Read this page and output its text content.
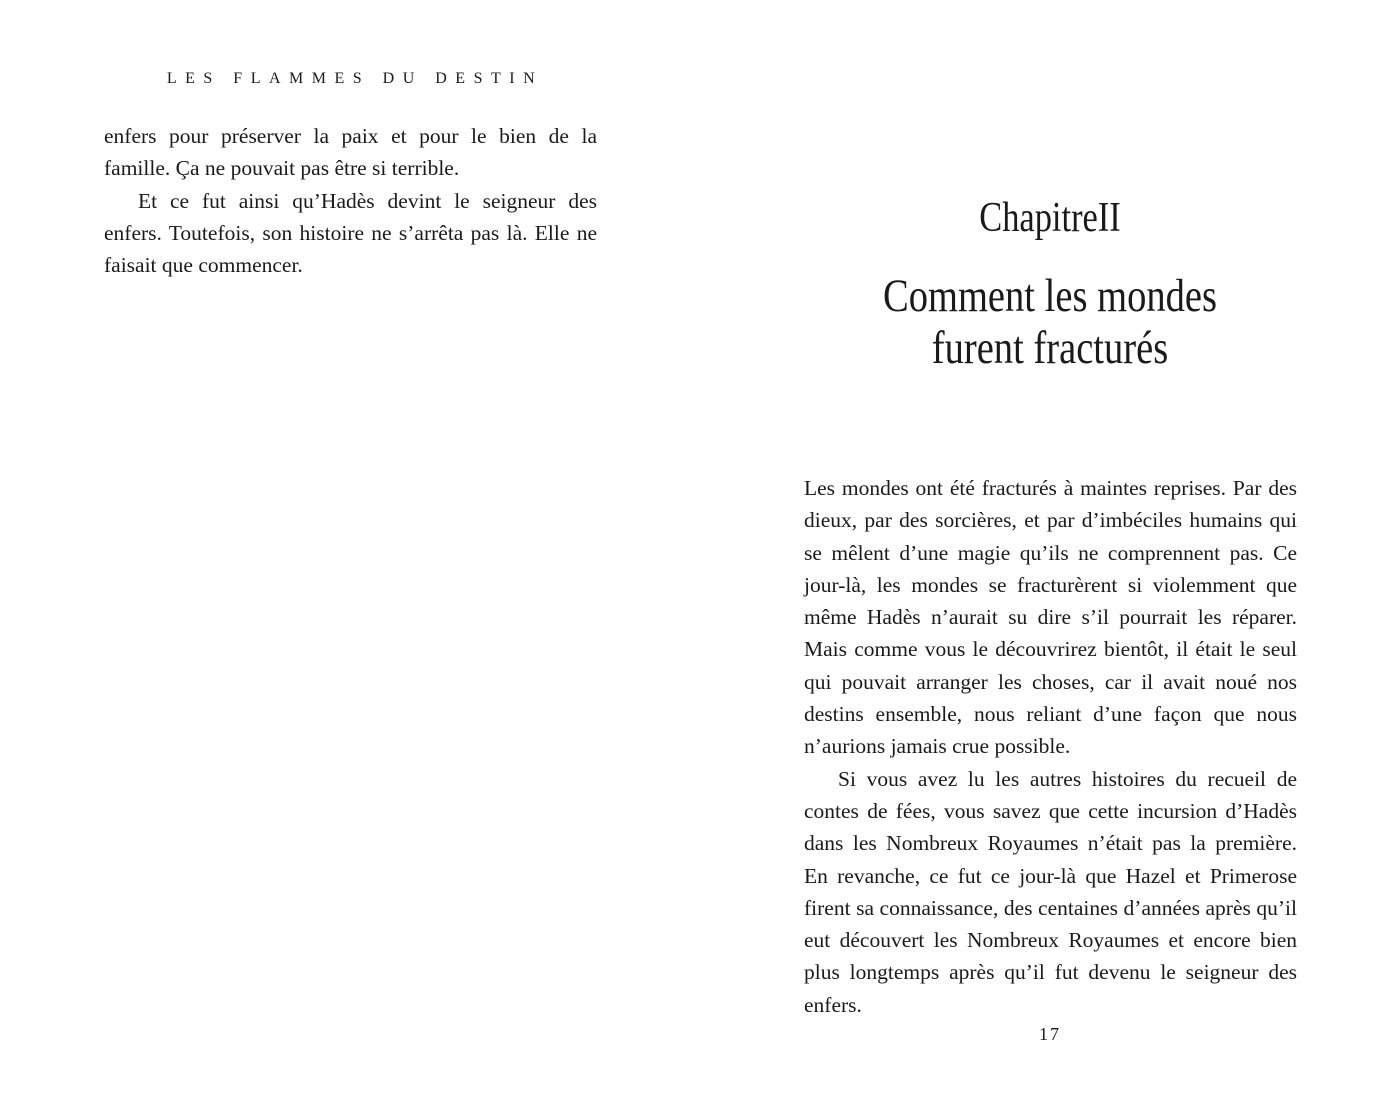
LES FLAMMES DU DESTIN

enfers pour préserver la paix et pour le bien de la famille. Ça ne pouvait pas être si terrible.

Et ce fut ainsi qu’Hadès devint le seigneur des enfers. Toutefois, son histoire ne s’arrêta pas là. Elle ne faisait que commencer.

ChapitreII
Comment les mondes
furent fracturés

Les mondes ont été fracturés à maintes reprises. Par des dieux, par des sorcières, et par d’imbéciles humains qui se mêlent d’une magie qu’ils ne comprennent pas. Ce jour-là, les mondes se fracturèrent si violemment que même Hadès n’aurait su dire s’il pourrait les réparer. Mais comme vous le découvrirez bientôt, il était le seul qui pouvait arranger les choses, car il avait noué nos destins ensemble, nous reliant d’une façon que nous n’aurions jamais crue possible.

Si vous avez lu les autres histoires du recueil de contes de fées, vous savez que cette incursion d’Hadès dans les Nombreux Royaumes n’était pas la première. En revanche, ce fut ce jour-là que Hazel et Primerose firent sa connaissance, des centaines d’années après qu’il eut découvert les Nombreux Royaumes et encore bien plus longtemps après qu’il fut devenu le seigneur des enfers.

17
